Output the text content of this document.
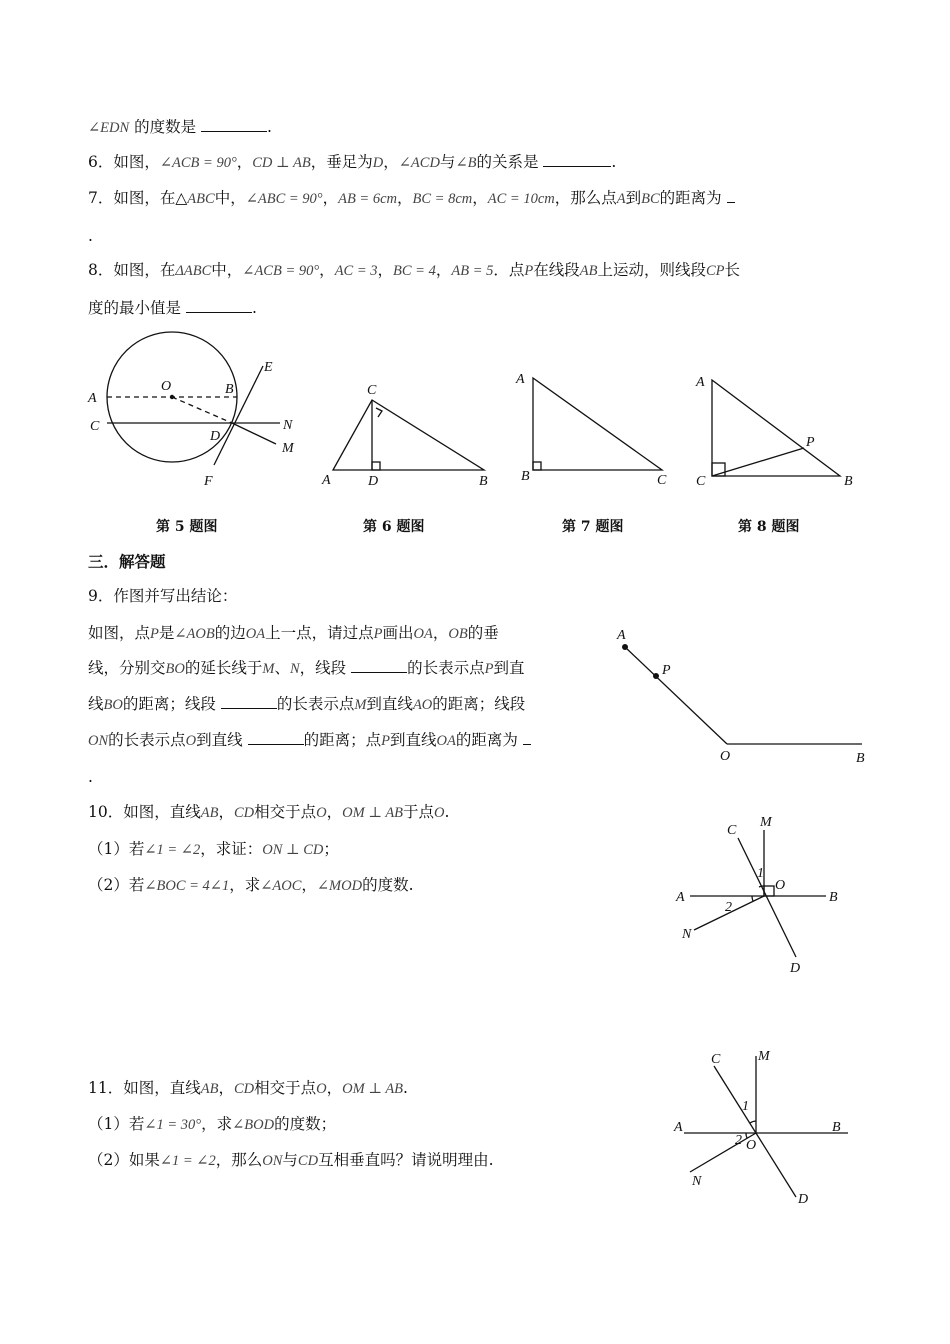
∠EDN 的度数是	.
6．如图，∠ACB = 90°，CD ⊥ AB，垂足为D，∠ACD与∠B的关系是	.
7．如图，在△ABC中，∠ABC = 90°，AB = 6cm，BC = 8cm，AC = 10cm，那么点A到BC的距离为
.
8．如图，在ΔABC中，∠ACB = 90°，AC = 3，BC = 4，AB = 5．点P在线段AB上运动，则线段CP长
度的最小值是	.
A
C
O	B
D
E
N
M
F
C
A	D	B
A
B	C
A
P
C	B
第 5 题图	第 6 题图	第 7 题图	第 8 题图
三．解答题
9．作图并写出结论：
如图，点P是∠AOB的边OA上一点，请过点P画出OA，OB的垂
线，分别交BO的延长线于M、N，线段	的长表示点P到直
线BO的距离；线段	的长表示点M到直线AO的距离；线段
ON的长表示点O到直线	的距离；点P到直线OA的距离为
.
A
P
O	B
10．如图，直线AB，CD相交于点O，OM ⊥ AB于点O.
（1）若∠1 = ∠2，求证：ON ⊥ CD；
（2）若∠BOC = 4∠1，求∠AOC，∠MOD的度数.
C
M
1
O
A	B
2
N
D
11．如图，直线AB，CD相交于点O，OM ⊥ AB.
（1）若∠1 = 30°，求∠BOD的度数；
（2）如果∠1 = ∠2，那么ON与CD互相垂直吗？请说明理由.
C	M
1
A	B
2 O
N
D
